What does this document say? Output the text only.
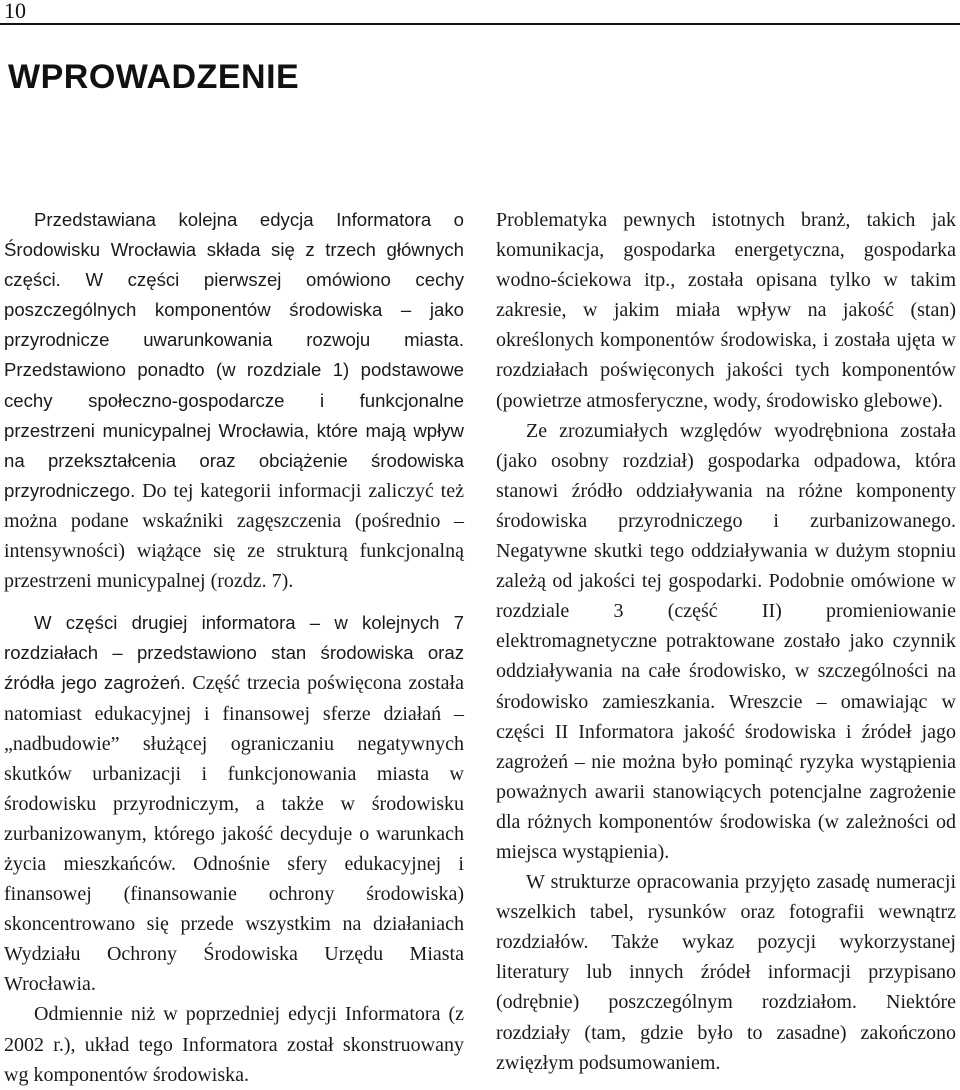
10
WPROWADZENIE

Przedstawiana kolejna edycja Informatora o Środowisku Wrocławia składa się z trzech głównych części. W części pierwszej omówiono cechy poszczególnych komponentów środowiska – jako przyrodnicze uwarunkowania rozwoju miasta. Przedstawiono ponadto (w rozdziale 1) podstawowe cechy społeczno-gospodarcze i funkcjonalne przestrzeni municypalnej Wrocławia, które mają wpływ na przekształcenia oraz obciążenie środowiska przyrodniczego. Do tej kategorii informacji zaliczyć też można podane wskaźniki zagęszczenia (pośrednio – intensywności) wiążące się ze strukturą funkcjonalną przestrzeni municypalnej (rozdz. 7).

W części drugiej informatora – w kolejnych 7 rozdziałach – przedstawiono stan środowiska oraz źródła jego zagrożeń. Część trzecia poświęcona została natomiast edukacyjnej i finansowej sferze działań – „nadbudowie” służącej ograniczaniu negatywnych skutków urbanizacji i funkcjonowania miasta w środowisku przyrodniczym, a także w środowisku zurbanizowanym, którego jakość decyduje o warunkach życia mieszkańców. Odnośnie sfery edukacyjnej i finansowej (finansowanie ochrony środowiska) skoncentrowano się przede wszystkim na działaniach Wydziału Ochrony Środowiska Urzędu Miasta Wrocławia.

Odmiennie niż w poprzedniej edycji Informatora (z 2002 r.), układ tego Informatora został skonstruowany wg komponentów środowiska.

Problematyka pewnych istotnych branż, takich jak komunikacja, gospodarka energetyczna, gospodarka wodno-ściekowa itp., została opisana tylko w takim zakresie, w jakim miała wpływ na jakość (stan) określonych komponentów środowiska, i została ujęta w rozdziałach poświęconych jakości tych komponentów (powietrze atmosferyczne, wody, środowisko glebowe).

Ze zrozumiałych względów wyodrębniona została (jako osobny rozdział) gospodarka odpadowa, która stanowi źródło oddziaływania na różne komponenty środowiska przyrodniczego i zurbanizowanego. Negatywne skutki tego oddziaływania w dużym stopniu zależą od jakości tej gospodarki. Podobnie omówione w rozdziale 3 (część II) promieniowanie elektromagnetyczne potraktowane zostało jako czynnik oddziaływania na całe środowisko, w szczególności na środowisko zamieszkania. Wreszcie – omawiając w części II Informatora jakość środowiska i źródeł jago zagrożeń – nie można było pominąć ryzyka wystąpienia poważnych awarii stanowiących potencjalne zagrożenie dla różnych komponentów środowiska (w zależności od miejsca wystąpienia).

W strukturze opracowania przyjęto zasadę numeracji wszelkich tabel, rysunków oraz fotografii wewnątrz rozdziałów. Także wykaz pozycji wykorzystanej literatury lub innych źródeł informacji przypisano (odrębnie) poszczególnym rozdziałom. Niektóre rozdziały (tam, gdzie było to zasadne) zakończono zwięzłym podsumowaniem.
